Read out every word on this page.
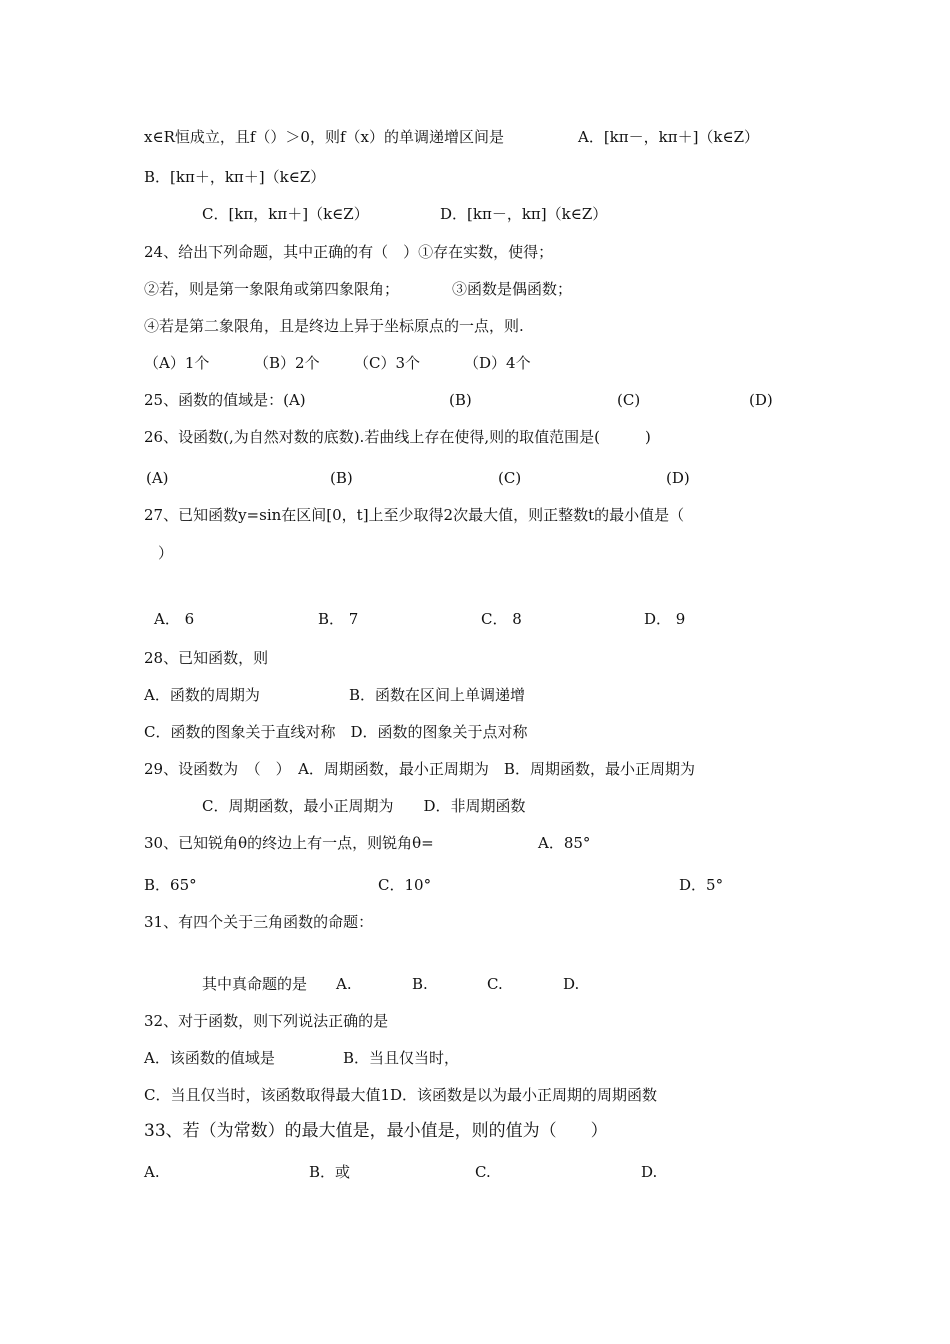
x∈R恒成立，且f（）＞0，则f（x）的单调递增区间是	A．[kπ－，kπ＋]（k∈Z）
B．[kπ＋，kπ＋]（k∈Z）
C．[kπ，kπ＋]（k∈Z）	D．[kπ－，kπ]（k∈Z）
24、给出下列命题，其中正确的有（　）①存在实数，使得；
②若，则是第一象限角或第四象限角；	③函数是偶函数；
④若是第二象限角，且是终边上异于坐标原点的一点，则.
（A）1个	（B）2个 （C）3个	（D）4个
25、函数的值域是：(A)	(B)	(C)	(D)
26、设函数(,为自然对数的底数).若曲线上存在使得,则的取值范围是(　　　)
(A)	(B)	(C)	(D)
27、已知函数y=sin在区间[0，t]上至少取得2次最大值，则正整数t的最小值是（
）
A． 6	B． 7	C． 8	D． 9
28、已知函数，则
A．函数的周期为	B．函数在区间上单调递增
C．函数的图象关于直线对称　D．函数的图象关于点对称
29、设函数为　（　）　A．周期函数，最小正周期为　B．周期函数，最小正周期为
C．周期函数，最小正周期为　　D．非周期函数
30、已知锐角θ的终边上有一点，则锐角θ=	A．85°
B．65°	C．10°	D．5°
31、有四个关于三角函数的命题：
其中真命题的是 A.	B.	C.	D.
32、对于函数，则下列说法正确的是
A．该函数的值域是	B．当且仅当时，
C．当且仅当时，该函数取得最大值1D．该函数是以为最小正周期的周期函数
33、若（为常数）的最大值是，最小值是，则的值为（　　）
A.	B．或	C.	D.
